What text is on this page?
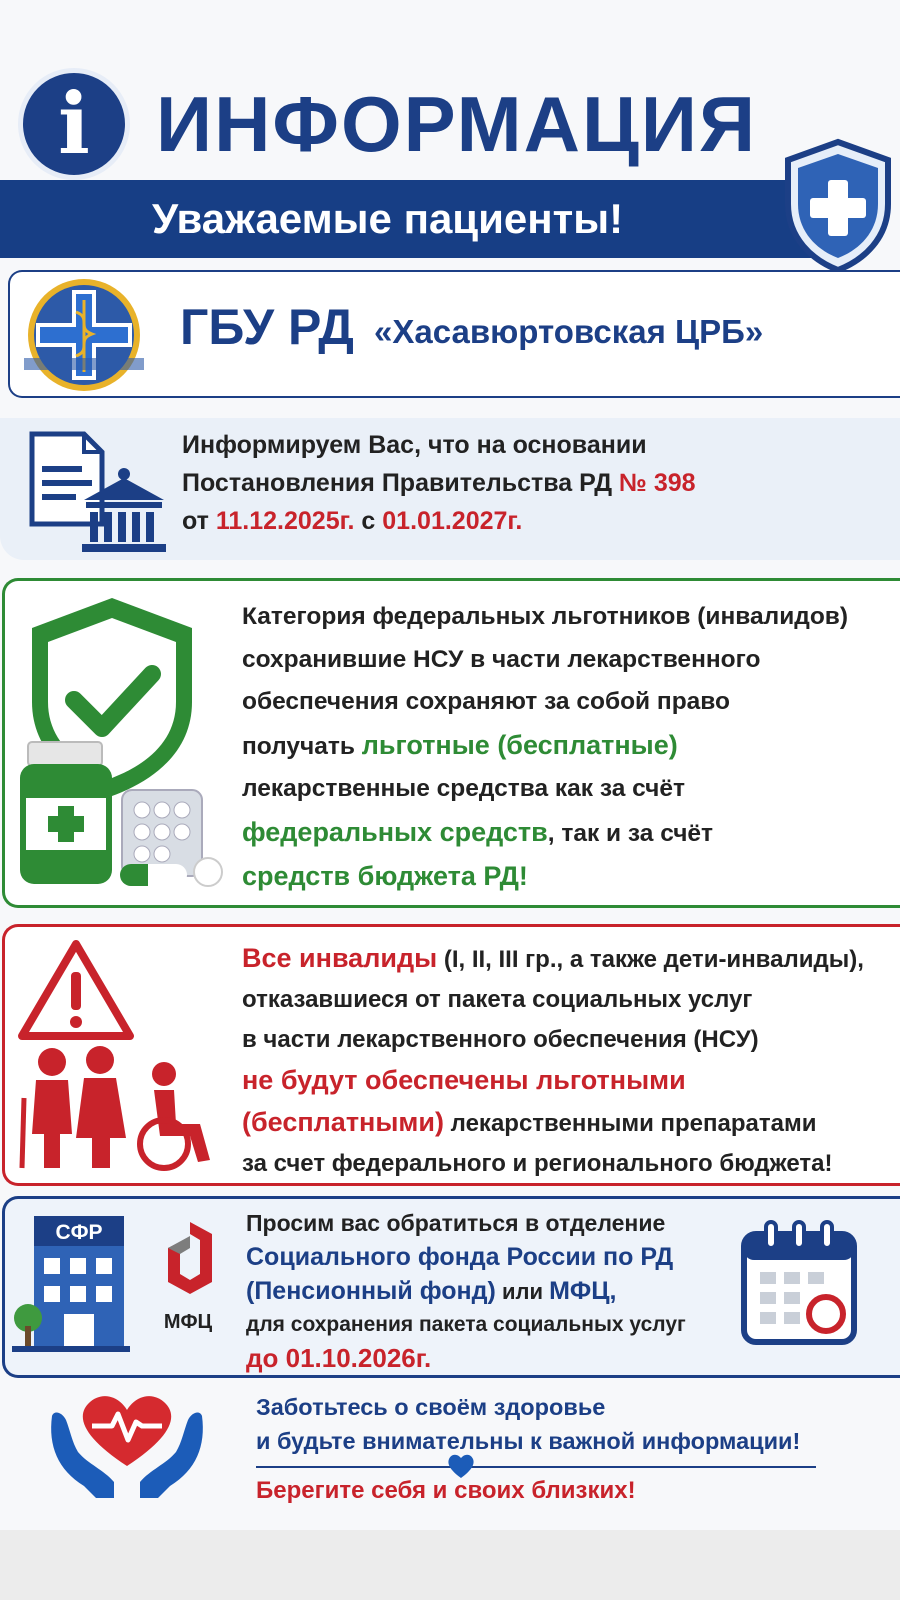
i ИНФОРМАЦИЯ
Уважаемые пациенты!
ГБУ РД «Хасавюртовская ЦРБ»
Информируем Вас, что на основании
Постановления Правительства РД № 398
от 11.12.2025г. с 01.01.2027г.
Категория федеральных льготников (инвалидов)
сохранившие НСУ в части лекарственного
обеспечения сохраняют за собой право
получать льготные (бесплатные)
лекарственные средства как за счёт
федеральных средств, так и за счёт
средств бюджета РД!
Все инвалиды (I, II, III гр., а также дети-инвалиды),
отказавшиеся от пакета социальных услуг
в части лекарственного обеспечения (НСУ)
не будут обеспечены льготными
(бесплатными) лекарственными препаратами
за счет федерального и регионального бюджета!
СФР
МФЦ
Просим вас обратиться в отделение
Социального фонда России по РД
(Пенсионный фонд) или МФЦ,
для сохранения пакета социальных услуг
до 01.10.2026г.
Заботьтесь о своём здоровье
и будьте внимательны к важной информации!
Берегите себя и своих близких!
